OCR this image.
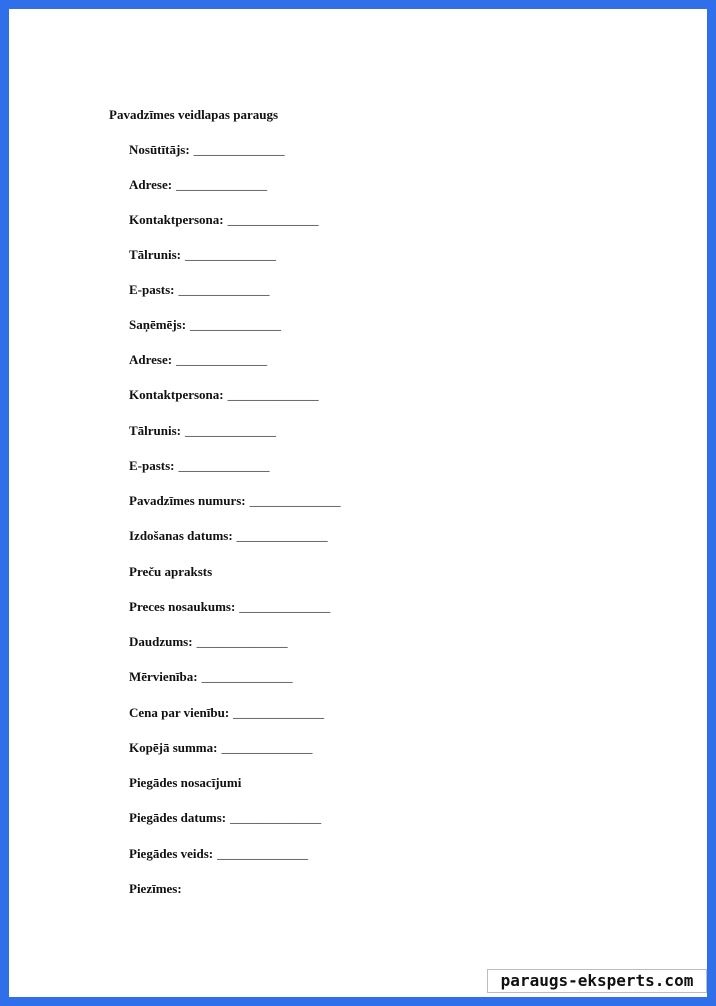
Pavadzīmes veidlapas paraugs
Nosūtītājs: ______________
Adrese: ______________
Kontaktpersona: ______________
Tālrunis: ______________
E-pasts: ______________
Saņēmējs: ______________
Adrese: ______________
Kontaktpersona: ______________
Tālrunis: ______________
E-pasts: ______________
Pavadzīmes numurs: ______________
Izdošanas datums: ______________
Preču apraksts
Preces nosaukums: ______________
Daudzums: ______________
Mērvienība: ______________
Cena par vienību: ______________
Kopējā summa: ______________
Piegādes nosacījumi
Piegādes datums: ______________
Piegādes veids: ______________
Piezīmes:
paraugs-eksperts.com
